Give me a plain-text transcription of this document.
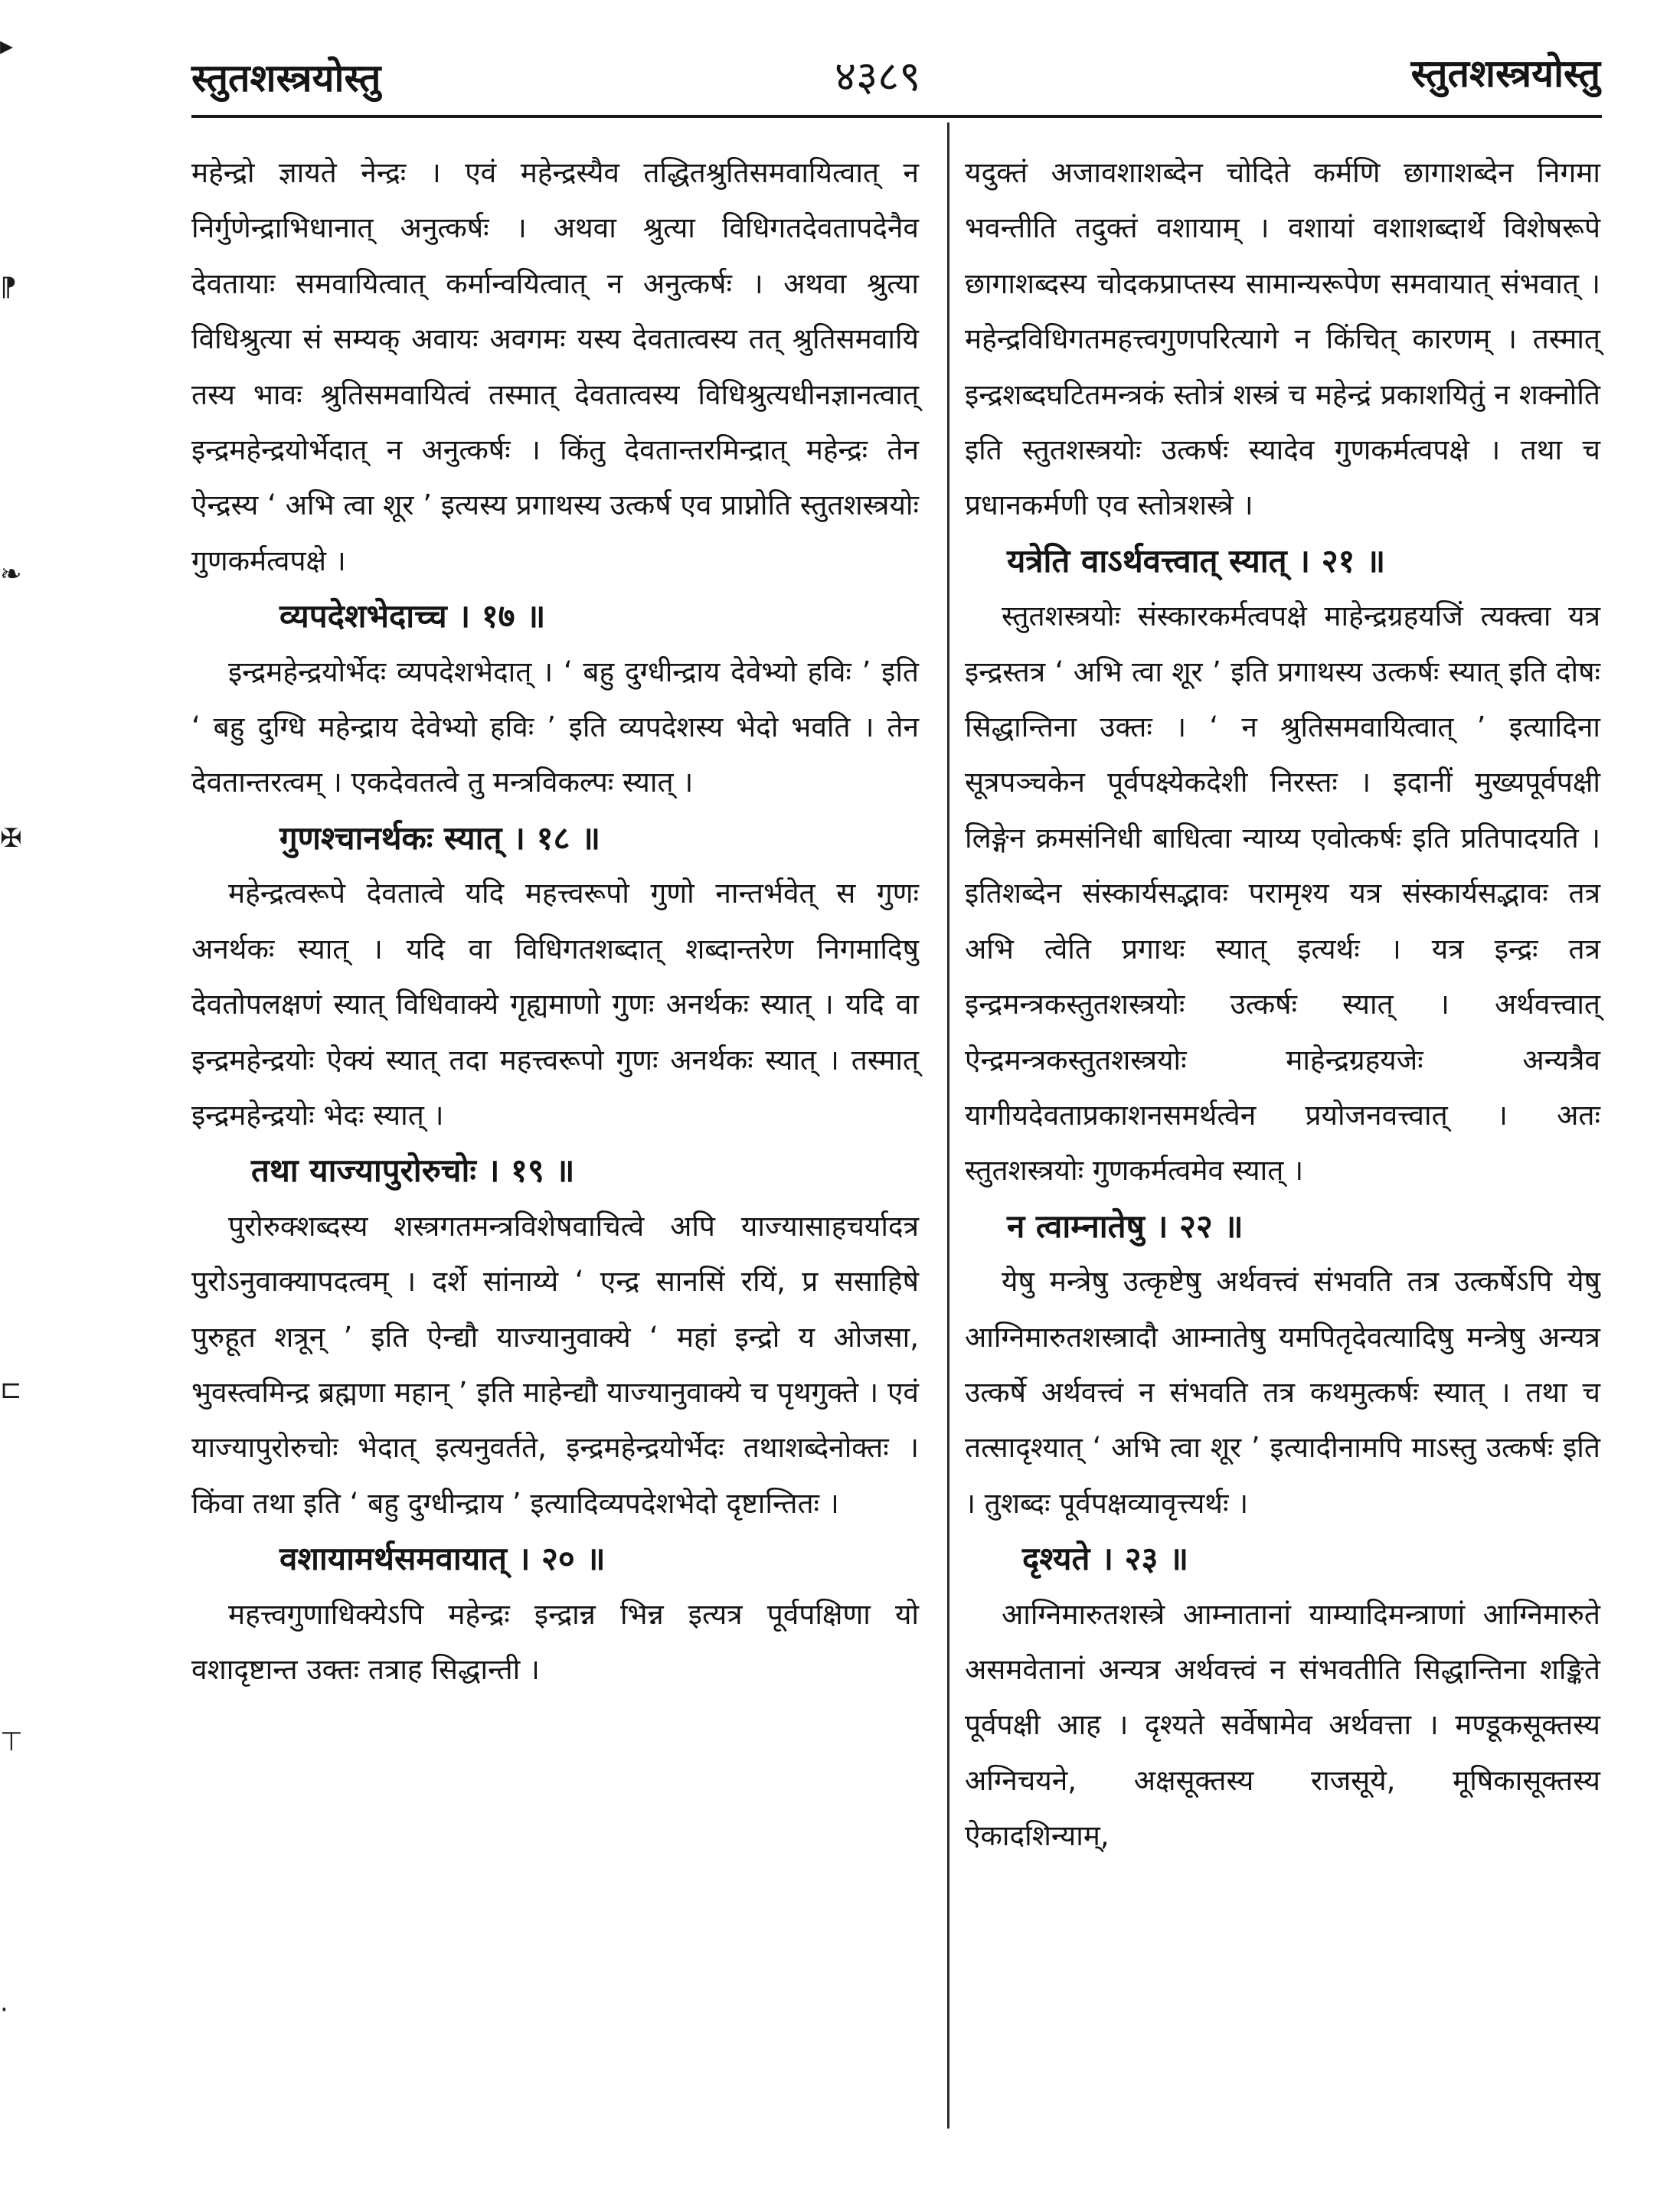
▸
⁋
❧
✠
⊏
⊤
·
स्तुतशस्त्रयोस्तु	४३८९	स्तुतशस्त्रयोस्तु

महेन्द्रो ज्ञायते नेन्द्रः । एवं महेन्द्रस्यैव तद्धितश्रुतिसमवायित्वात् न निर्गुणेन्द्राभिधानात् अनुत्कर्षः । अथवा श्रुत्या विधिगतदेवतापदेनैव देवतायाः समवायित्वात् कर्मान्वयित्वात् न अनुत्कर्षः । अथवा श्रुत्या विधिश्रुत्या सं सम्यक् अवायः अवगमः यस्य देवतात्वस्य तत् श्रुतिसमवायि तस्य भावः श्रुतिसमवायित्वं तस्मात् देवतात्वस्य विधिश्रुत्यधीनज्ञानत्वात् इन्द्रमहेन्द्रयोर्भेदात् न अनुत्कर्षः । किंतु देवतान्तरमिन्द्रात् महेन्द्रः तेन ऐन्द्रस्य ‘ अभि त्वा शूर ’ इत्यस्य प्रगाथस्य उत्कर्ष एव प्राप्नोति स्तुतशस्त्रयोः गुणकर्मत्वपक्षे ।

व्यपदेशभेदाच्च । १७ ॥

इन्द्रमहेन्द्रयोर्भेदः व्यपदेशभेदात् । ‘ बहु दुग्धीन्द्राय देवेभ्यो हविः ’ इति ‘ बहु दुग्धि महेन्द्राय देवेभ्यो हविः ’ इति व्यपदेशस्य भेदो भवति । तेन देवतान्तरत्वम् । एकदेवतत्वे तु मन्त्रविकल्पः स्यात् ।

गुणश्चानर्थकः स्यात् । १८ ॥

महेन्द्रत्वरूपे देवतात्वे यदि महत्त्वरूपो गुणो नान्तर्भवेत् स गुणः अनर्थकः स्यात् । यदि वा विधिगतशब्दात् शब्दान्तरेण निगमादिषु देवतोपलक्षणं स्यात् विधिवाक्ये गृह्यमाणो गुणः अनर्थकः स्यात् । यदि वा इन्द्रमहेन्द्रयोः ऐक्यं स्यात् तदा महत्त्वरूपो गुणः अनर्थकः स्यात् । तस्मात् इन्द्रमहेन्द्रयोः भेदः स्यात् ।

तथा याज्यापुरोरुचोः । १९ ॥

पुरोरुक्शब्दस्य शस्त्रगतमन्त्रविशेषवाचित्वे अपि याज्यासाहचर्यादत्र पुरोऽनुवाक्यापदत्वम् । दर्शे सांनाय्ये ‘ एन्द्र सानसिं रयिं, प्र ससाहिषे पुरुहूत शत्रून् ’ इति ऐन्द्यौ याज्यानुवाक्ये ‘ महां इन्द्रो य ओजसा, भुवस्त्वमिन्द्र ब्रह्मणा महान् ’ इति माहेन्द्यौ याज्यानुवाक्ये च पृथगुक्ते । एवं याज्यापुरोरुचोः भेदात् इत्यनुवर्तते, इन्द्रमहेन्द्रयोर्भेदः तथाशब्देनोक्तः । किंवा तथा इति ‘ बहु दुग्धीन्द्राय ’ इत्यादिव्यपदेशभेदो दृष्टान्तितः ।

वशायामर्थसमवायात् । २० ॥

महत्त्वगुणाधिक्येऽपि महेन्द्रः इन्द्रान्न भिन्न इत्यत्र पूर्वपक्षिणा यो वशादृष्टान्त उक्तः तत्राह सिद्धान्ती ।

यदुक्तं अजावशाशब्देन चोदिते कर्मणि छागाशब्देन निगमा भवन्तीति तदुक्तं वशायाम् । वशायां वशाशब्दार्थे विशेषरूपे छागाशब्दस्य चोदकप्राप्तस्य सामान्यरूपेण समवायात् संभवात् । महेन्द्रविधिगतमहत्त्वगुणपरित्यागे न किंचित् कारणम् । तस्मात् इन्द्रशब्दघटितमन्त्रकं स्तोत्रं शस्त्रं च महेन्द्रं प्रकाशयितुं न शक्नोति इति स्तुतशस्त्रयोः उत्कर्षः स्यादेव गुणकर्मत्वपक्षे । तथा च प्रधानकर्मणी एव स्तोत्रशस्त्रे ।

यत्रेति वाऽर्थवत्त्वात् स्यात् । २१ ॥

स्तुतशस्त्रयोः संस्कारकर्मत्वपक्षे माहेन्द्रग्रहयजिं त्यक्त्वा यत्र इन्द्रस्तत्र ‘ अभि त्वा शूर ’ इति प्रगाथस्य उत्कर्षः स्यात् इति दोषः सिद्धान्तिना उक्तः । ‘ न श्रुतिसमवायित्वात् ’ इत्यादिना सूत्रपञ्चकेन पूर्वपक्ष्येकदेशी निरस्तः । इदानीं मुख्यपूर्वपक्षी लिङ्गेन क्रमसंनिधी बाधित्वा न्याय्य एवोत्कर्षः इति प्रतिपादयति । इतिशब्देन संस्कार्यसद्भावः परामृश्य यत्र संस्कार्यसद्भावः तत्र अभि त्वेति प्रगाथः स्यात् इत्यर्थः । यत्र इन्द्रः तत्र इन्द्रमन्त्रकस्तुतशस्त्रयोः उत्कर्षः स्यात् । अर्थवत्त्वात् ऐन्द्रमन्त्रकस्तुतशस्त्रयोः माहेन्द्रग्रहयजेः अन्यत्रैव यागीयदेवताप्रकाशनसमर्थत्वेन प्रयोजनवत्त्वात् । अतः स्तुतशस्त्रयोः गुणकर्मत्वमेव स्यात् ।

न त्वाम्नातेषु । २२ ॥

येषु मन्त्रेषु उत्कृष्टेषु अर्थवत्त्वं संभवति तत्र उत्कर्षेऽपि येषु आग्निमारुतशस्त्रादौ आम्नातेषु यमपितृदेवत्यादिषु मन्त्रेषु अन्यत्र उत्कर्षे अर्थवत्त्वं न संभवति तत्र कथमुत्कर्षः स्यात् । तथा च तत्सादृश्यात् ‘ अभि त्वा शूर ’ इत्यादीनामपि माऽस्तु उत्कर्षः इति । तुशब्दः पूर्वपक्षव्यावृत्त्यर्थः ।

दृश्यते । २३ ॥

आग्निमारुतशस्त्रे आम्नातानां याम्यादिमन्त्राणां आग्निमारुते असमवेतानां अन्यत्र अर्थवत्त्वं न संभवतीति सिद्धान्तिना शङ्किते पूर्वपक्षी आह । दृश्यते सर्वेषामेव अर्थवत्ता । मण्डूकसूक्तस्य अग्निचयने, अक्षसूक्तस्य राजसूये, मूषिकासूक्तस्य ऐकादशिन्याम्,
